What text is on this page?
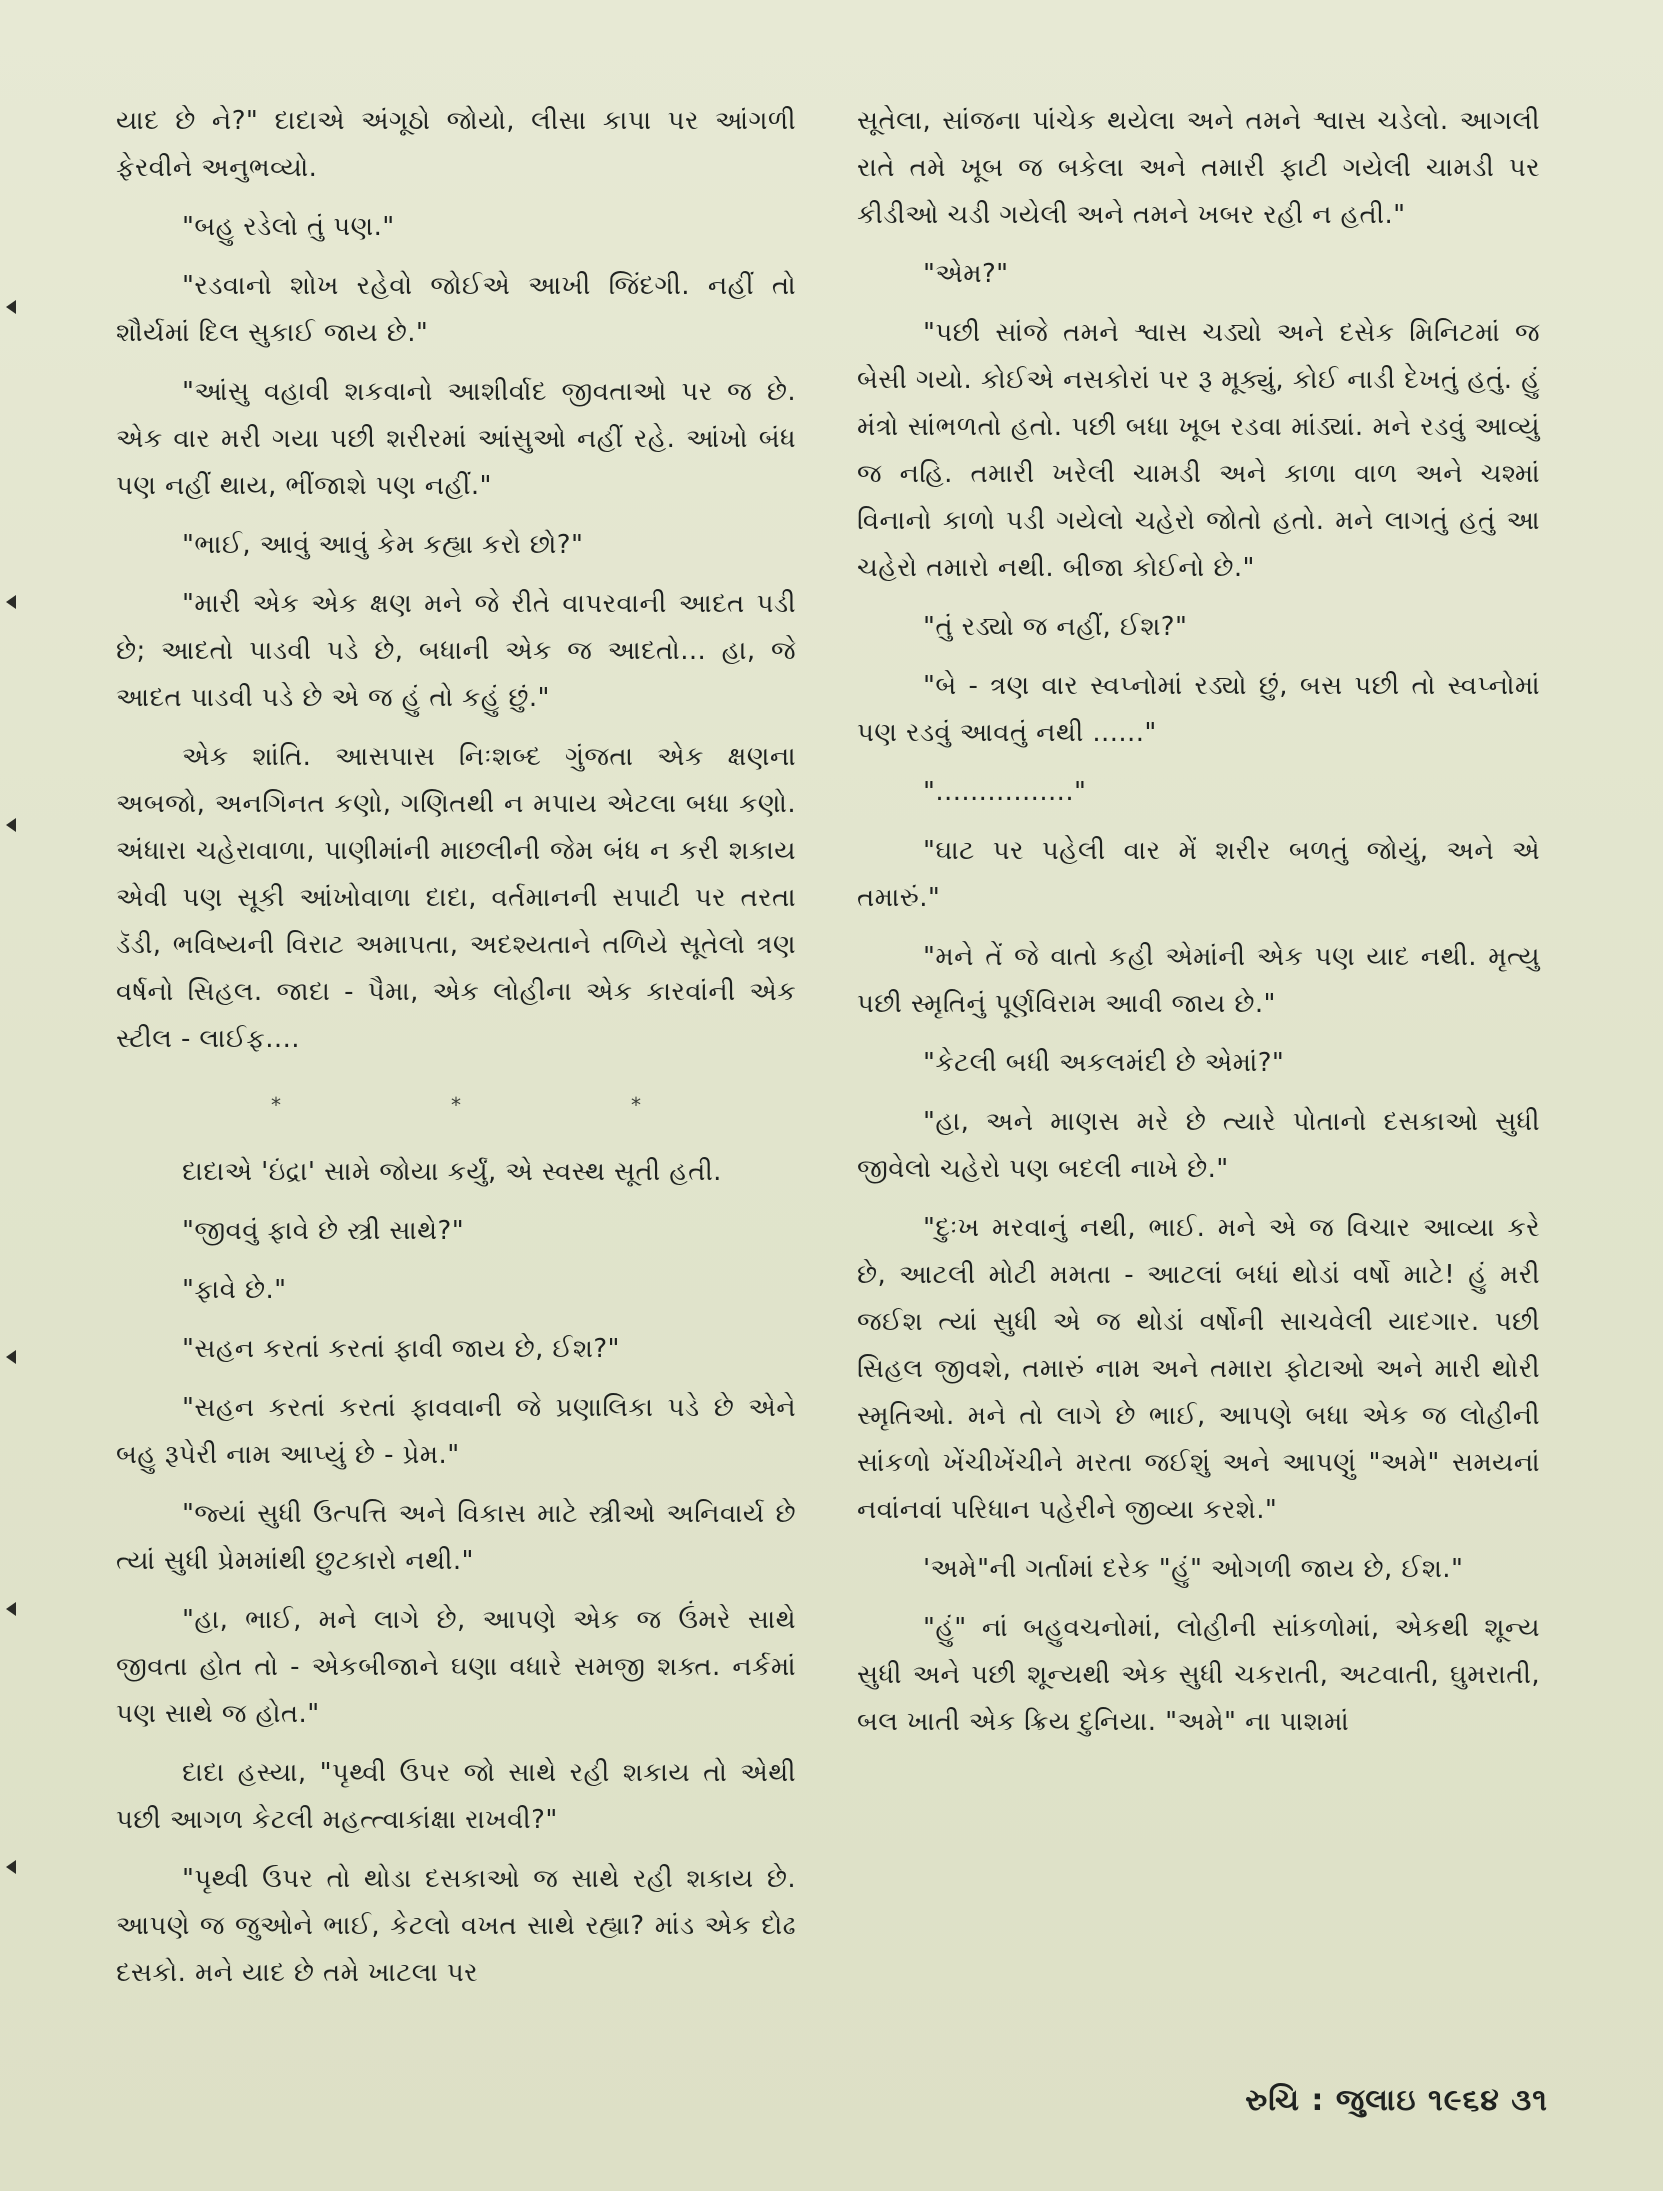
યાદ છે ને?" દાદાએ અંગૂઠો જોયો, લીસા કાપા પર આંગળી ફેરવીને અનુભવ્યો.

"બહુ રડેલો તું પણ."

"રડવાનો શોખ રહેવો જોઈએ આખી જિંદગી. નહીં તો શૌર્યમાં દિલ સુકાઈ જાય છે."

"આંસુ વહાવી શકવાનો આશીર્વાદ જીવતાઓ પર જ છે. એક વાર મરી ગયા પછી શરીરમાં આંસુઓ નહીં રહે. આંખો બંધ પણ નહીં થાય, ભીંજાશે પણ નહીં."

"ભાઈ, આવું આવું કેમ કહ્યા કરો છો?"

"મારી એક એક ક્ષણ મને જે રીતે વાપરવાની આદત પડી છે; આદતો પાડવી પડે છે, બધાની એક જ આદતો... હા, જે આદત પાડવી પડે છે એ જ હું તો કહું છું."

એક શાંતિ. આસપાસ નિઃશબ્દ ગુંજતા એક ક્ષણના અબજો, અનગિનત કણો, ગણિતથી ન મપાય એટલા બધા કણો. અંધારા ચહેરાવાળા, પાણીમાંની માછલીની જેમ બંધ ન કરી શકાય એવી પણ સૂકી આંખોવાળા દાદા, વર્તમાનની સપાટી પર તરતા ડૅડી, ભવિષ્યની વિરાટ અમાપતા, અદશ્યતાને તળિયે સૂતેલો ત્રણ વર્ષનો સિહલ. જાદા - પૈમા, એક લોહીના એક કારવાંની એક સ્ટીલ - લાઈફ....

*	*	*

દાદાએ 'ઇંદ્રા' સામે જોયા કર્યું, એ સ્વસ્થ સૂતી હતી.

"જીવવું ફાવે છે સ્ત્રી સાથે?"

"ફાવે છે."

"સહન કરતાં કરતાં ફાવી જાય છે, ઈશ?"

"સહન કરતાં કરતાં ફાવવાની જે પ્રણાલિકા પડે છે એને બહુ રૂપેરી નામ આપ્યું છે - પ્રેમ."

"જ્યાં સુધી ઉત્પત્તિ અને વિકાસ માટે સ્ત્રીઓ અનિવાર્ય છે ત્યાં સુધી પ્રેમમાંથી છુટકારો નથી."

"હા, ભાઈ, મને લાગે છે, આપણે એક જ ઉંમરે સાથે જીવતા હોત તો - એકબીજાને ઘણા વધારે સમજી શક્ત. નર્કમાં પણ સાથે જ હોત."

દાદા હસ્યા, "પૃથ્વી ઉપર જો સાથે રહી શકાય તો એથી પછી આગળ કેટલી મહત્ત્વાકાંક્ષા રાખવી?"

"પૃથ્વી ઉપર તો થોડા દસકાઓ જ સાથે રહી શકાય છે. આપણે જ જુઓને ભાઈ, કેટલો વખત સાથે રહ્યા? માંડ એક દોઢ દસકો. મને યાદ છે તમે ખાટલા પર

સૂતેલા, સાંજના પાંચેક થયેલા અને તમને શ્વાસ ચડેલો. આગલી રાતે તમે ખૂબ જ બકેલા અને તમારી ફાટી ગયેલી ચામડી પર કીડીઓ ચડી ગયેલી અને તમને ખબર રહી ન હતી."

"એમ?"

"પછી સાંજે તમને શ્વાસ ચડ્યો અને દસેક મિનિટમાં જ બેસી ગયો. કોઈએ નસકોરાં પર રૂ મૂક્યું, કોઈ નાડી દેખતું હતું. હું મંત્રો સાંભળતો હતો. પછી બધા ખૂબ રડવા માંડ્યાં. મને રડવું આવ્યું જ નહિ. તમારી ખરેલી ચામડી અને કાળા વાળ અને ચશ્માં વિનાનો કાળો પડી ગયેલો ચહેરો જોતો હતો. મને લાગતું હતું આ ચહેરો તમારો નથી. બીજા કોઈનો છે."

"તું રડ્યો જ નહીં, ઈશ?"

"બે - ત્રણ વાર સ્વપ્નોમાં રડ્યો છું, બસ પછી તો સ્વપ્નોમાં પણ રડવું આવતું નથી ......"

"................"

"ઘાટ પર પહેલી વાર મેં શરીર બળતું જોયું, અને એ તમારું."

"મને તેં જે વાતો કહી એમાંની એક પણ યાદ નથી. મૃત્યુ પછી સ્મૃતિનું પૂર્ણવિરામ આવી જાય છે."

"કેટલી બધી અકલમંદી છે એમાં?"

"હા, અને માણસ મરે છે ત્યારે પોતાનો દસકાઓ સુધી જીવેલો ચહેરો પણ બદલી નાખે છે."

"દુઃખ મરવાનું નથી, ભાઈ. મને એ જ વિચાર આવ્યા કરે છે, આટલી મોટી મમતા - આટલાં બધાં થોડાં વર્ષો માટે! હું મરી જઈશ ત્યાં સુધી એ જ થોડાં વર્ષોની સાચવેલી યાદગાર. પછી સિહલ જીવશે, તમારું નામ અને તમારા ફોટાઓ અને મારી થોરી સ્મૃતિઓ. મને તો લાગે છે ભાઈ, આપણે બધા એક જ લોહીની સાંકળો ખેંચીખેંચીને મરતા જઈશું અને આપણું "અમે" સમયનાં નવાંનવાં પરિધાન પહેરીને જીવ્યા કરશે."

'અમે"ની ગર્તામાં દરેક "હું" ઓગળી જાય છે, ઈશ."

"હું" નાં બહુવચનોમાં, લોહીની સાંકળોમાં, એકથી શૂન્ય સુધી અને પછી શૂન્યથી એક સુધી ચકરાતી, અટવાતી, ઘુમરાતી, બલ ખાતી એક ક્રિય દુનિયા. "અમે" ના પાશમાં

રુચિ : જુલાઇ ૧૯૬૪ ૩૧
